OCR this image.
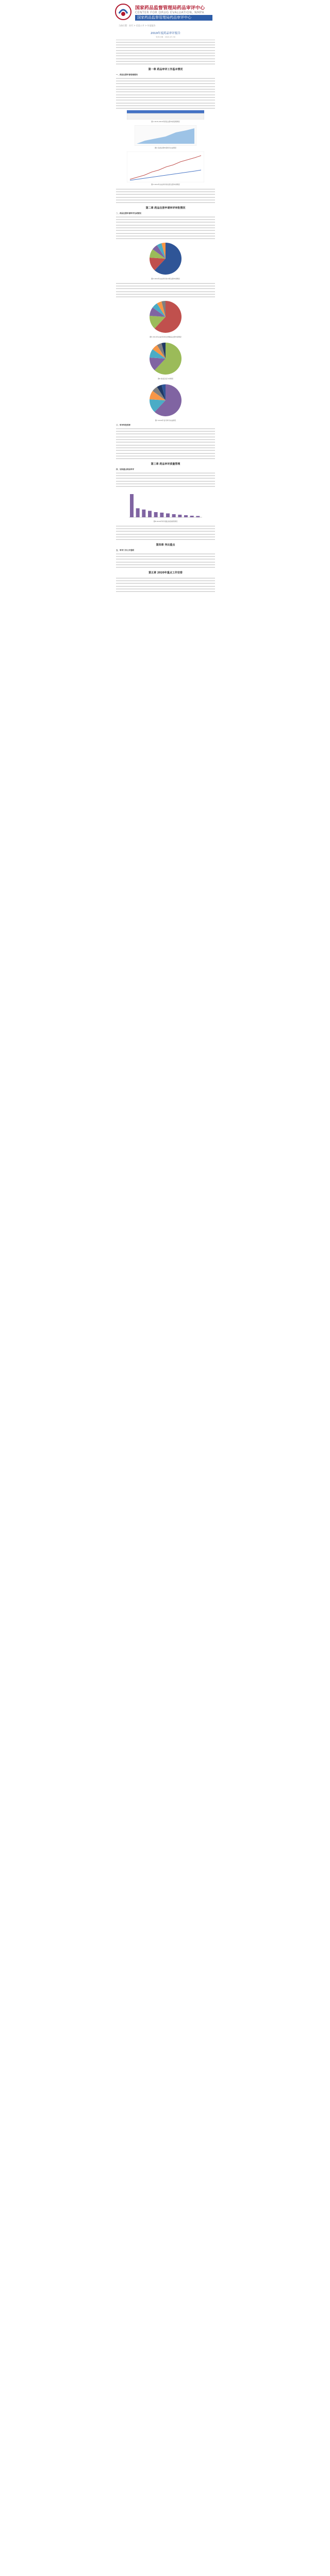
国家药品监督管理局药品审评中心
CENTER FOR DRUG EVALUATION, NMPA
国家药品监督管理局药品审评中心
当前位置：首页 > 信息公开 > 年度报告
2019年度药品审评报告
发布日期：2020-07-30

第一章 药品审评工作基本情况
一、药品注册申请受理情况

图1 2015-2019年药品注册申请受理情况
图2 各类注册申请审评完成情况
图3 2019年完成审评的化药注册申请情况

第二章 药品注册申请审评审批情况
二、药品注册申请审评完成情况

图4 2019年完成审评的中药注册申请情况

图5 2019年完成审评的生物制品注册申请情况
图6 按适应症分布情况
图7 2019年各月审评完成情况
三、审评审批效率

第三章 药品审评质量管理
四、加快重点药品审评

图8 2019年审评通过的创新药情况

第四章 突出重点
五、审评工作公开透明

第五章 2020年重点工作安排
